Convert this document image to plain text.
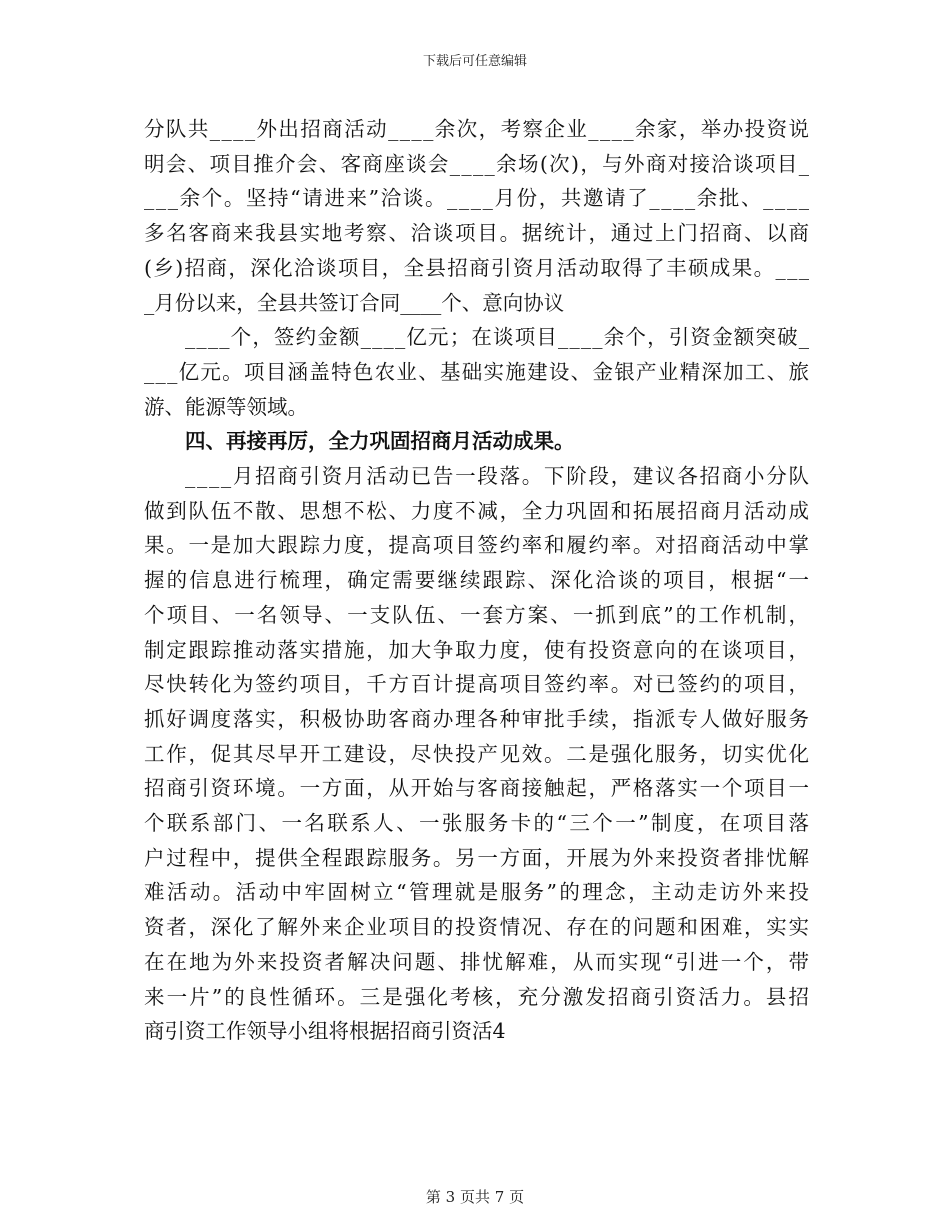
下载后可任意编辑
分队共____外出招商活动____余次，考察企业____余家，举办投资说
明会、项目推介会、客商座谈会____余场(次)，与外商对接洽谈项目_
___余个。坚持“请进来”洽谈。____月份，共邀请了____余批、____
多名客商来我县实地考察、洽谈项目。据统计，通过上门招商、以商
(乡)招商，深化洽谈项目，全县招商引资月活动取得了丰硕成果。___
_月份以来，全县共签订合同____个、意向协议
____个，签约金额____亿元；在谈项目____余个，引资金额突破_
___亿元。项目涵盖特色农业、基础实施建设、金银产业精深加工、旅
游、能源等领域。
四、再接再厉，全力巩固招商月活动成果。
____月招商引资月活动已告一段落。下阶段，建议各招商小分队
做到队伍不散、思想不松、力度不减，全力巩固和拓展招商月活动成
果。一是加大跟踪力度，提高项目签约率和履约率。对招商活动中掌
握的信息进行梳理，确定需要继续跟踪、深化洽谈的项目，根据“一
个项目、一名领导、一支队伍、一套方案、一抓到底”的工作机制，
制定跟踪推动落实措施，加大争取力度，使有投资意向的在谈项目，
尽快转化为签约项目，千方百计提高项目签约率。对已签约的项目，
抓好调度落实，积极协助客商办理各种审批手续，指派专人做好服务
工作，促其尽早开工建设，尽快投产见效。二是强化服务，切实优化
招商引资环境。一方面，从开始与客商接触起，严格落实一个项目一
个联系部门、一名联系人、一张服务卡的“三个一”制度，在项目落
户过程中，提供全程跟踪服务。另一方面，开展为外来投资者排忧解
难活动。活动中牢固树立“管理就是服务”的理念，主动走访外来投
资者，深化了解外来企业项目的投资情况、存在的问题和困难，实实
在在地为外来投资者解决问题、排忧解难，从而实现“引进一个，带
来一片”的良性循环。三是强化考核，充分激发招商引资活力。县招
商引资工作领导小组将根据招商引资活4
第 3 页共 7 页
